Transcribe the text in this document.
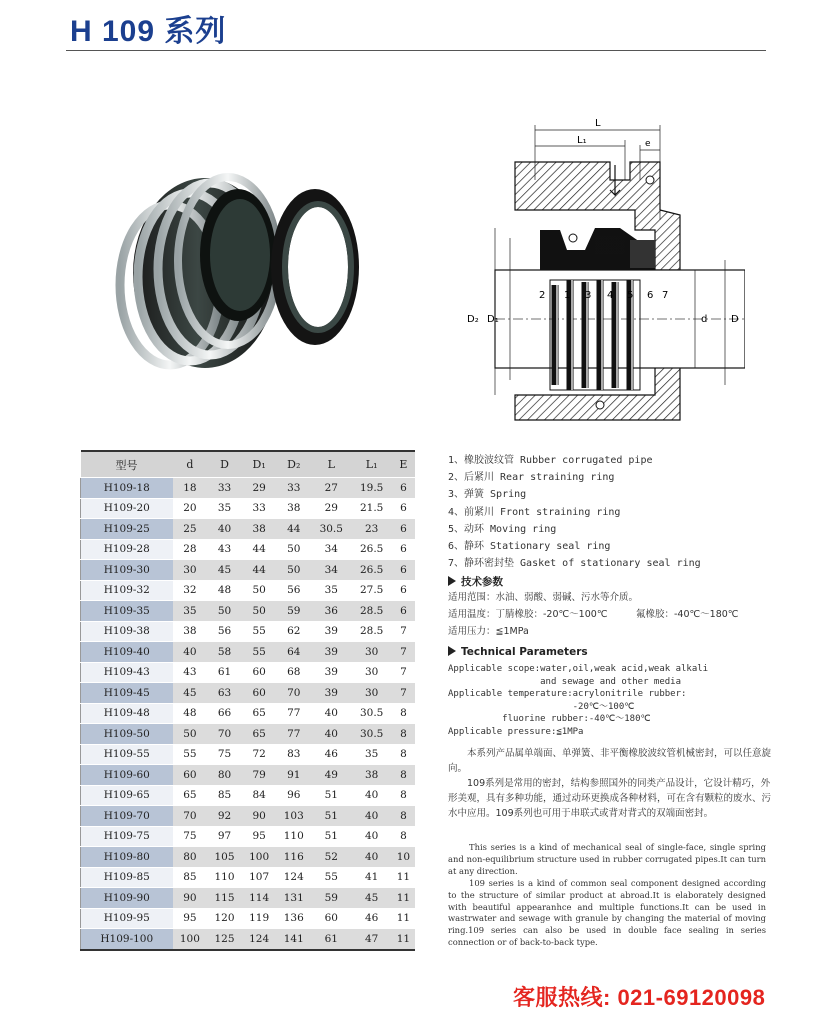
H 109 系列
L
L₁	e
D₂ D₁	d D
2 1 3 4 5 6 7
型号	d	D	D₁	D₂	L	L₁	E
H109-18	18	33	29	33	27	19.5	6
H109-20	20	35	33	38	29	21.5	6
H109-25	25	40	38	44	30.5	23	6
H109-28	28	43	44	50	34	26.5	6
H109-30	30	45	44	50	34	26.5	6
H109-32	32	48	50	56	35	27.5	6
H109-35	35	50	50	59	36	28.5	6
H109-38	38	56	55	62	39	28.5	7
H109-40	40	58	55	64	39	30	7
H109-43	43	61	60	68	39	30	7
H109-45	45	63	60	70	39	30	7
H109-48	48	66	65	77	40	30.5	8
H109-50	50	70	65	77	40	30.5	8
H109-55	55	75	72	83	46	35	8
H109-60	60	80	79	91	49	38	8
H109-65	65	85	84	96	51	40	8
H109-70	70	92	90	103	51	40	8
H109-75	75	97	95	110	51	40	8
H109-80	80	105	100	116	52	40	10
H109-85	85	110	107	124	55	41	11
H109-90	90	115	114	131	59	45	11
H109-95	95	120	119	136	60	46	11
H109-100	100	125	124	141	61	47	11
1、橡胶波纹管 Rubber corrugated pipe
2、后紧川 Rear straining ring
3、弹簧 Spring
4、前紧川 Front straining ring
5、动环 Moving ring
6、静环 Stationary seal ring
7、静环密封垫 Gasket of stationary seal ring
技术参数
适用范围：水油、弱酸、弱碱、污水等介质。
适用温度：丁腈橡胶：-20℃～100℃　　　氟橡胶：-40℃～180℃
适用压力：≦1MPa
Technical Parameters
Applicable scope:water,oil,weak acid,weak alkali
and sewage and other media
Applicable temperature:acrylonitrile rubber:
-20℃～100℃
fluorine rubber:-40℃～180℃
Applicable pressure:≦1MPa

本系列产品属单端面、单弹簧、非平衡橡胶波纹管机械密封，可以任意旋向。

109系列是常用的密封，结构参照国外的同类产品设计，它设计精巧，外形美观，具有多种功能，通过动环更换成各种材料，可在含有颗粒的废水、污水中应用。109系列也可用于串联式或背对背式的双端面密封。

This series is a kind of mechanical seal of single-face, single spring and non-equilibrium structure used in rubber corrugated pipes.It can turn at any direction.

109 series is a kind of common seal component designed according to the structure of similar product at abroad.It is elaborately designed with beautiful appearanhce and multiple functions.It can be used in wastrwater and sewage with granule by changing the material of moving ring.109 series can also be used in double face sealing in series connection or of back-to-back type.

客服热线: 021-69120098
